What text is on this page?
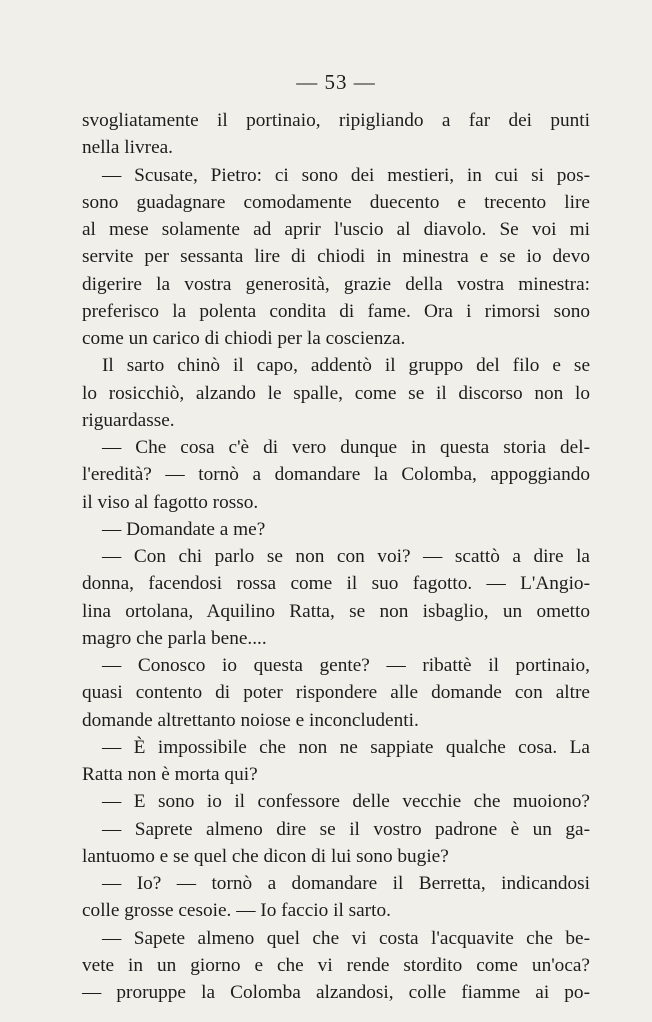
— 53 —
svogliatamente il portinaio, ripigliando a far dei punti
nella livrea.
— Scusate, Pietro: ci sono dei mestieri, in cui si pos-
sono guadagnare comodamente duecento e trecento lire
al mese solamente ad aprir l'uscio al diavolo. Se voi mi
servite per sessanta lire di chiodi in minestra e se io devo
digerire la vostra generosità, grazie della vostra minestra:
preferisco la polenta condita di fame. Ora i rimorsi sono
come un carico di chiodi per la coscienza.
Il sarto chinò il capo, addentò il gruppo del filo e se
lo rosicchiò, alzando le spalle, come se il discorso non lo
riguardasse.
— Che cosa c'è di vero dunque in questa storia del-
l'eredità? — tornò a domandare la Colomba, appoggiando
il viso al fagotto rosso.
— Domandate a me?
— Con chi parlo se non con voi? — scattò a dire la
donna, facendosi rossa come il suo fagotto. — L'Angio-
lina ortolana, Aquilino Ratta, se non isbaglio, un ometto
magro che parla bene....
— Conosco io questa gente? — ribattè il portinaio,
quasi contento di poter rispondere alle domande con altre
domande altrettanto noiose e inconcludenti.
— È impossibile che non ne sappiate qualche cosa. La
Ratta non è morta qui?
— E sono io il confessore delle vecchie che muoiono?
— Saprete almeno dire se il vostro padrone è un ga-
lantuomo e se quel che dicon di lui sono bugie?
— Io? — tornò a domandare il Berretta, indicandosi
colle grosse cesoie. — Io faccio il sarto.
— Sapete almeno quel che vi costa l'acquavite che be-
vete in un giorno e che vi rende stordito come un'oca?
— proruppe la Colomba alzandosi, colle fiamme ai po-
